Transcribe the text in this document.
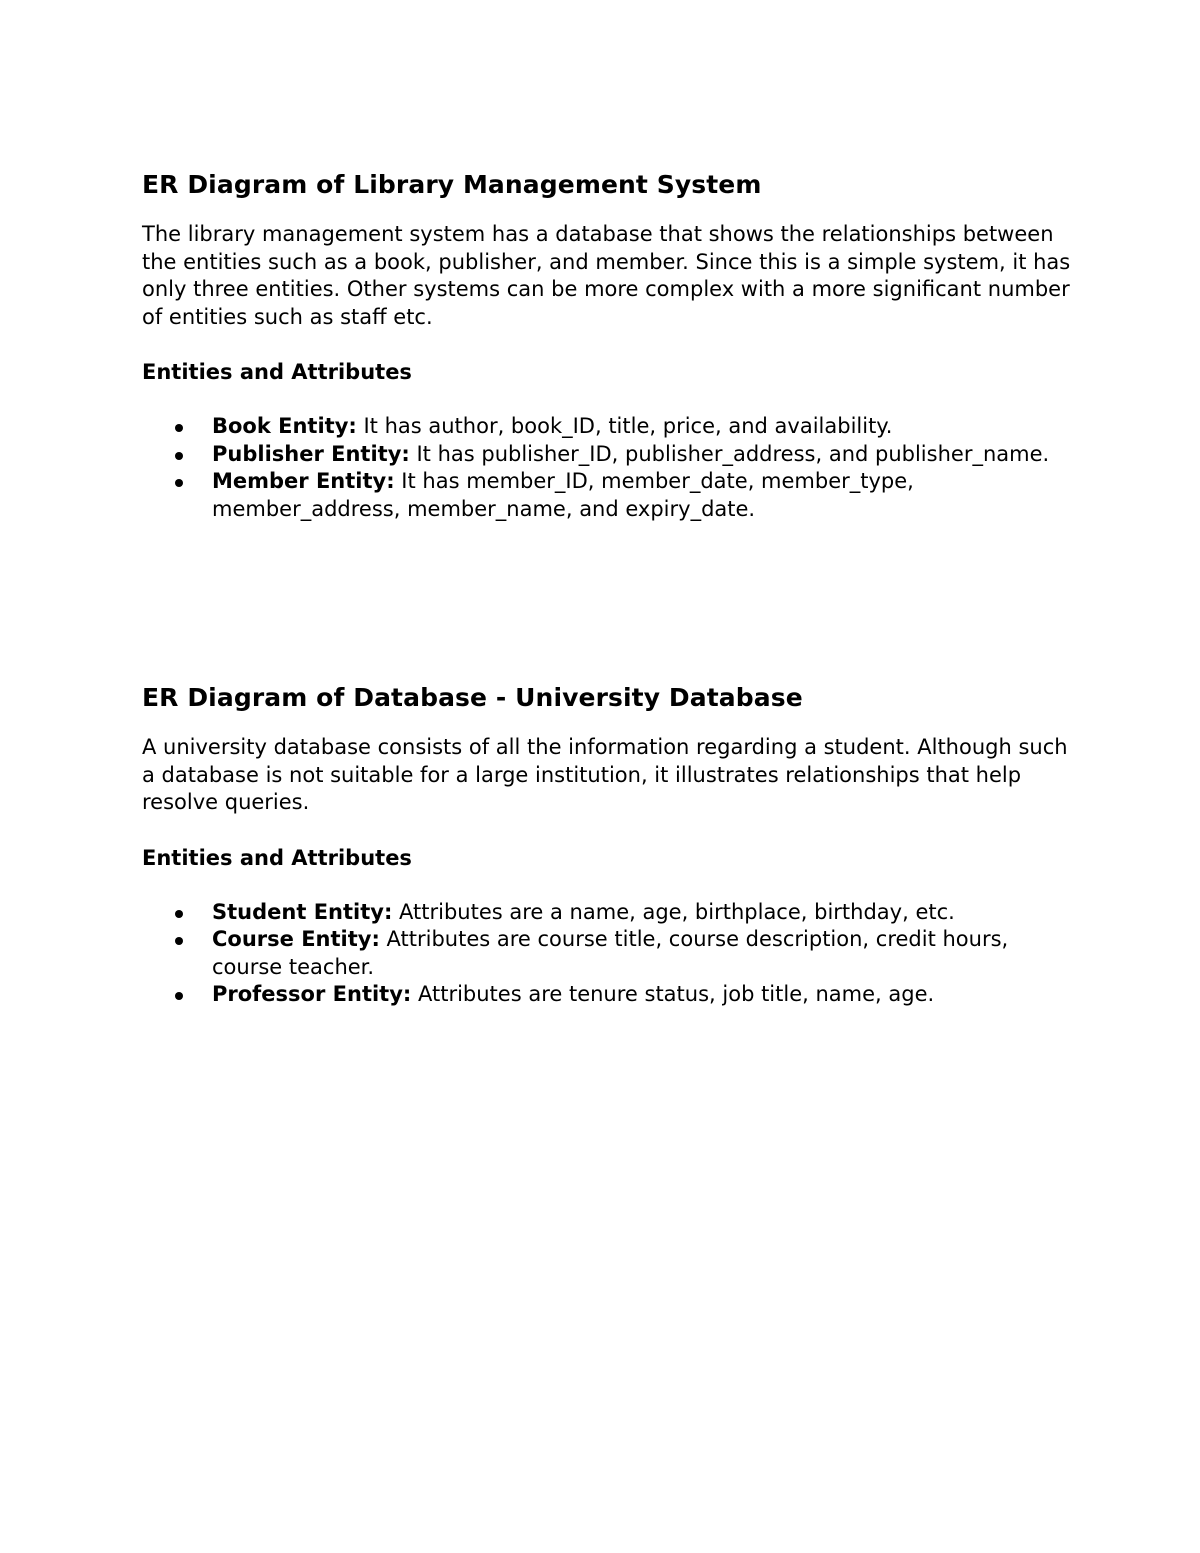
ER Diagram of Library Management System

The library management system has a database that shows the relationships between the entities such as a book, publisher, and member. Since this is a simple system, it has only three entities. Other systems can be more complex with a more significant number of entities such as staff etc.

Entities and Attributes
Book Entity: It has author, book_ID, title, price, and availability.
Publisher Entity: It has publisher_ID, publisher_address, and publisher_name.
Member Entity: It has member_ID, member_date, member_type, member_address, member_name, and expiry_date.
ER Diagram of Database - University Database

A university database consists of all the information regarding a student. Although such a database is not suitable for a large institution, it illustrates relationships that help resolve queries.

Entities and Attributes
Student Entity: Attributes are a name, age, birthplace, birthday, etc.
Course Entity: Attributes are course title, course description, credit hours, course teacher.
Professor Entity: Attributes are tenure status, job title, name, age.
